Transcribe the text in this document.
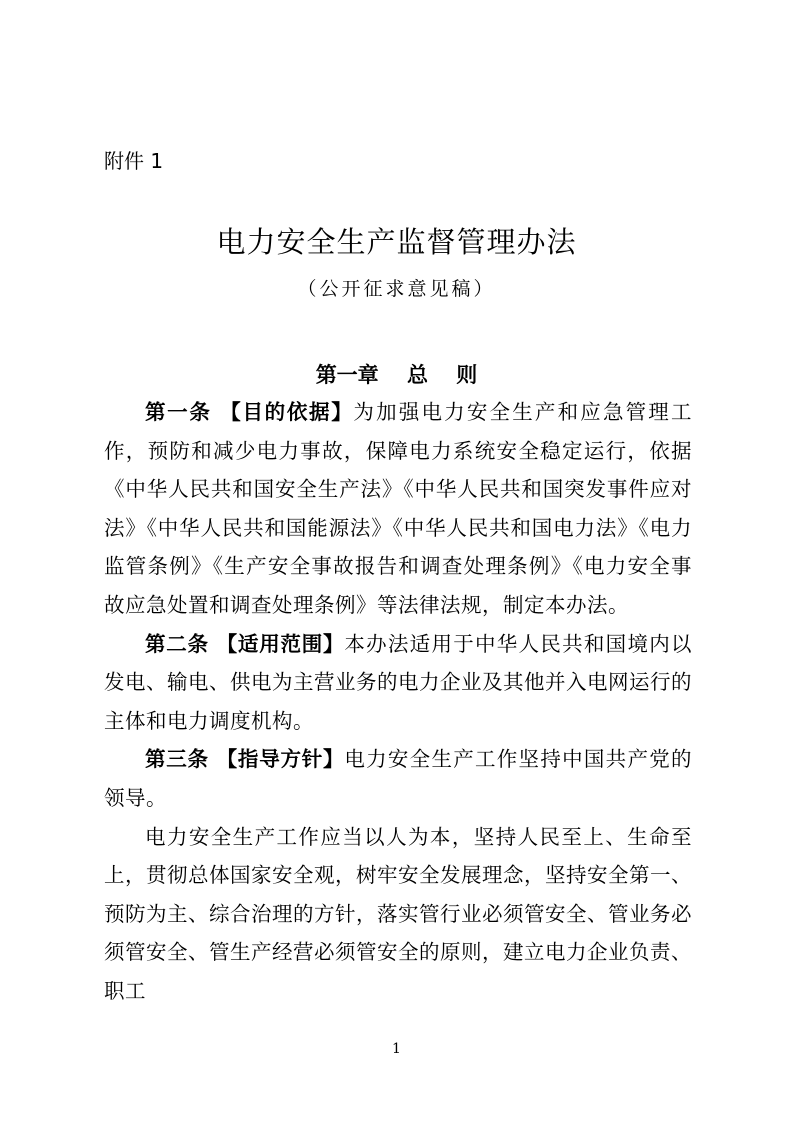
附件 1
电力安全生产监督管理办法
（公开征求意见稿）
第一章　 总　 则

第一条 【目的依据】为加强电力安全生产和应急管理工作，预防和减少电力事故，保障电力系统安全稳定运行，依据《中华人民共和国安全生产法》《中华人民共和国突发事件应对法》《中华人民共和国能源法》《中华人民共和国电力法》《电力监管条例》《生产安全事故报告和调查处理条例》《电力安全事故应急处置和调查处理条例》等法律法规，制定本办法。

第二条 【适用范围】本办法适用于中华人民共和国境内以发电、输电、供电为主营业务的电力企业及其他并入电网运行的主体和电力调度机构。

第三条 【指导方针】电力安全生产工作坚持中国共产党的领导。

电力安全生产工作应当以人为本，坚持人民至上、生命至上，贯彻总体国家安全观，树牢安全发展理念，坚持安全第一、预防为主、综合治理的方针，落实管行业必须管安全、管业务必须管安全、管生产经营必须管安全的原则，建立电力企业负责、职工

1
